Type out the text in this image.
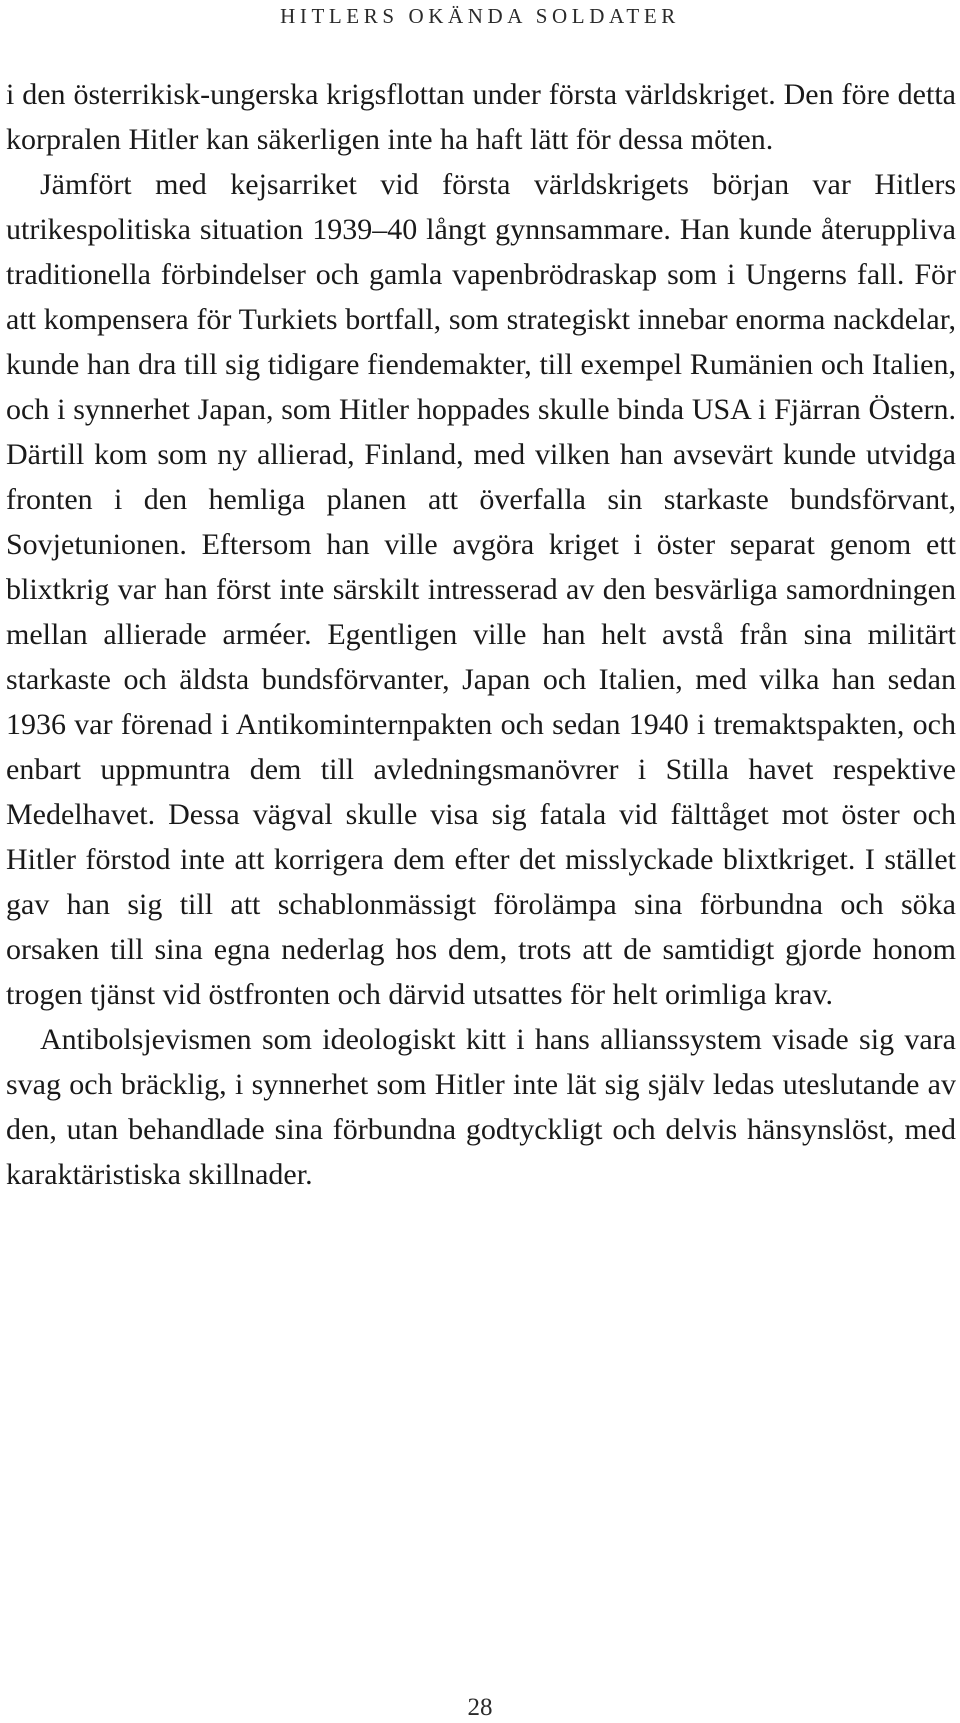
HITLERS OKÄNDA SOLDATER

i den österrikisk-ungerska krigsflottan under första världskriget. Den före detta korpralen Hitler kan säkerligen inte ha haft lätt för dessa möten.

Jämfört med kejsarriket vid första världskrigets början var Hitlers utrikespolitiska situation 1939–40 långt gynnsammare. Han kunde återuppliva traditionella förbindelser och gamla vapenbrödraskap som i Ungerns fall. För att kompensera för Turkiets bortfall, som strategiskt innebar enorma nackdelar, kunde han dra till sig tidigare fiendemakter, till exempel Rumänien och Italien, och i synnerhet Japan, som Hitler hoppades skulle binda USA i Fjärran Östern. Därtill kom som ny allierad, Finland, med vilken han avsevärt kunde utvidga fronten i den hemliga planen att överfalla sin starkaste bundsförvant, Sovjetunionen. Eftersom han ville avgöra kriget i öster separat genom ett blixtkrig var han först inte särskilt intresserad av den besvärliga samordningen mellan allierade arméer. Egentligen ville han helt avstå från sina militärt starkaste och äldsta bundsförvanter, Japan och Italien, med vilka han sedan 1936 var förenad i Antikominternpakten och sedan 1940 i tremaktspakten, och enbart uppmuntra dem till avledningsmanövrer i Stilla havet respektive Medelhavet. Dessa vägval skulle visa sig fatala vid fälttåget mot öster och Hitler förstod inte att korrigera dem efter det misslyckade blixtkriget. I stället gav han sig till att schablonmässigt förolämpa sina förbundna och söka orsaken till sina egna nederlag hos dem, trots att de samtidigt gjorde honom trogen tjänst vid östfronten och därvid utsattes för helt orimliga krav.

Antibolsjevismen som ideologiskt kitt i hans allianssystem visade sig vara svag och bräcklig, i synnerhet som Hitler inte lät sig själv ledas uteslutande av den, utan behandlade sina förbundna godtyckligt och delvis hänsynslöst, med karaktäristiska skillnader.

28
